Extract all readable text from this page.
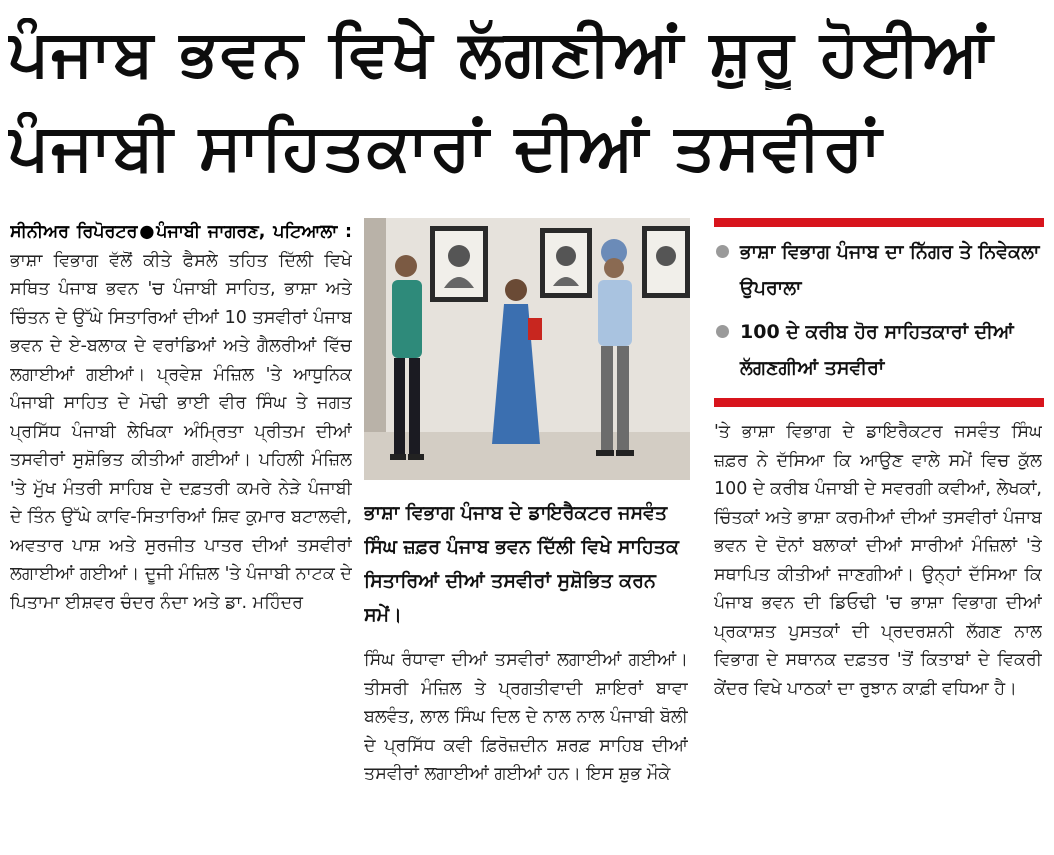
ਪੰਜਾਬ ਭਵਨ ਵਿਖੇ ਲੱਗਣੀਆਂ ਸ਼ੁਰੂ ਹੋਈਆਂ
ਪੰਜਾਬੀ ਸਾਹਿਤਕਾਰਾਂ ਦੀਆਂ ਤਸਵੀਰਾਂ
ਸੀਨੀਅਰ ਰਿਪੋਰਟਰ●ਪੰਜਾਬੀ ਜਾਗਰਣ, ਪਟਿਆਲਾ : ਭਾਸ਼ਾ ਵਿਭਾਗ ਵੱਲੋਂ ਕੀਤੇ ਫੈਸਲੇ ਤਹਿਤ ਦਿੱਲੀ ਵਿਖੇ ਸਥਿਤ ਪੰਜਾਬ ਭਵਨ 'ਚ ਪੰਜਾਬੀ ਸਾਹਿਤ, ਭਾਸ਼ਾ ਅਤੇ ਚਿੰਤਨ ਦੇ ਉੱਘੇ ਸਿਤਾਰਿਆਂ ਦੀਆਂ 10 ਤਸਵੀਰਾਂ ਪੰਜਾਬ ਭਵਨ ਦੇ ਏ-ਬਲਾਕ ਦੇ ਵਰਾਂਡਿਆਂ ਅਤੇ ਗੈਲਰੀਆਂ ਵਿੱਚ ਲਗਾਈਆਂ ਗਈਆਂ। ਪ੍ਰਵੇਸ਼ ਮੰਜ਼ਿਲ 'ਤੇ ਆਧੁਨਿਕ ਪੰਜਾਬੀ ਸਾਹਿਤ ਦੇ ਮੋਢੀ ਭਾਈ ਵੀਰ ਸਿੰਘ ਤੇ ਜਗਤ ਪ੍ਰਸਿੱਧ ਪੰਜਾਬੀ ਲੇਖਿਕਾ ਅੰਮ੍ਰਿਤਾ ਪ੍ਰੀਤਮ ਦੀਆਂ ਤਸਵੀਰਾਂ ਸੁਸ਼ੋਭਿਤ ਕੀਤੀਆਂ ਗਈਆਂ। ਪਹਿਲੀ ਮੰਜ਼ਿਲ 'ਤੇ ਮੁੱਖ ਮੰਤਰੀ ਸਾਹਿਬ ਦੇ ਦਫ਼ਤਰੀ ਕਮਰੇ ਨੇੜੇ ਪੰਜਾਬੀ ਦੇ ਤਿੰਨ ਉੱਘੇ ਕਾਵਿ-ਸਿਤਾਰਿਆਂ ਸ਼ਿਵ ਕੁਮਾਰ ਬਟਾਲਵੀ, ਅਵਤਾਰ ਪਾਸ਼ ਅਤੇ ਸੁਰਜੀਤ ਪਾਤਰ ਦੀਆਂ ਤਸਵੀਰਾਂ ਲਗਾਈਆਂ ਗਈਆਂ। ਦੂਜੀ ਮੰਜ਼ਿਲ 'ਤੇ ਪੰਜਾਬੀ ਨਾਟਕ ਦੇ ਪਿਤਾਮਾ ਈਸ਼ਵਰ ਚੰਦਰ ਨੰਦਾ ਅਤੇ ਡਾ. ਮਹਿੰਦਰ
ਭਾਸ਼ਾ ਵਿਭਾਗ ਪੰਜਾਬ ਦੇ ਡਾਇਰੈਕਟਰ ਜਸਵੰਤ ਸਿੰਘ ਜ਼ਫ਼ਰ ਪੰਜਾਬ ਭਵਨ ਦਿੱਲੀ ਵਿਖੇ ਸਾਹਿਤਕ ਸਿਤਾਰਿਆਂ ਦੀਆਂ ਤਸਵੀਰਾਂ ਸੁਸ਼ੋਭਿਤ ਕਰਨ ਸਮੇਂ।
ਸਿੰਘ ਰੰਧਾਵਾ ਦੀਆਂ ਤਸਵੀਰਾਂ ਲਗਾਈਆਂ ਗਈਆਂ। ਤੀਸਰੀ ਮੰਜ਼ਿਲ ਤੇ ਪ੍ਰਗਤੀਵਾਦੀ ਸ਼ਾਇਰਾਂ ਬਾਵਾ ਬਲਵੰਤ, ਲਾਲ ਸਿੰਘ ਦਿਲ ਦੇ ਨਾਲ ਨਾਲ ਪੰਜਾਬੀ ਬੋਲੀ ਦੇ ਪ੍ਰਸਿੱਧ ਕਵੀ ਫ਼ਿਰੋਜ਼ਦੀਨ ਸ਼ਰਫ਼ ਸਾਹਿਬ ਦੀਆਂ ਤਸਵੀਰਾਂ ਲਗਾਈਆਂ ਗਈਆਂ ਹਨ। ਇਸ ਸ਼ੁਭ ਮੌਕੇ
ਭਾਸ਼ਾ ਵਿਭਾਗ ਪੰਜਾਬ ਦਾ ਨਿੱਗਰ ਤੇ ਨਿਵੇਕਲਾ ਉਪਰਾਲਾ
100 ਦੇ ਕਰੀਬ ਹੋਰ ਸਾਹਿਤਕਾਰਾਂ ਦੀਆਂ ਲੱਗਣਗੀਆਂ ਤਸਵੀਰਾਂ
'ਤੇ ਭਾਸ਼ਾ ਵਿਭਾਗ ਦੇ ਡਾਇਰੈਕਟਰ ਜਸਵੰਤ ਸਿੰਘ ਜ਼ਫ਼ਰ ਨੇ ਦੱਸਿਆ ਕਿ ਆਉਣ ਵਾਲੇ ਸਮੇਂ ਵਿਚ ਕੁੱਲ 100 ਦੇ ਕਰੀਬ ਪੰਜਾਬੀ ਦੇ ਸਵਰਗੀ ਕਵੀਆਂ, ਲੇਖਕਾਂ, ਚਿੰਤਕਾਂ ਅਤੇ ਭਾਸ਼ਾ ਕਰਮੀਆਂ ਦੀਆਂ ਤਸਵੀਰਾਂ ਪੰਜਾਬ ਭਵਨ ਦੇ ਦੋਨਾਂ ਬਲਾਕਾਂ ਦੀਆਂ ਸਾਰੀਆਂ ਮੰਜ਼ਿਲਾਂ 'ਤੇ ਸਥਾਪਿਤ ਕੀਤੀਆਂ ਜਾਣਗੀਆਂ। ਉਨ੍ਹਾਂ ਦੱਸਿਆ ਕਿ ਪੰਜਾਬ ਭਵਨ ਦੀ ਡਿਓਢੀ 'ਚ ਭਾਸ਼ਾ ਵਿਭਾਗ ਦੀਆਂ ਪ੍ਰਕਾਸ਼ਤ ਪੁਸਤਕਾਂ ਦੀ ਪ੍ਰਦਰਸ਼ਨੀ ਲੱਗਣ ਨਾਲ ਵਿਭਾਗ ਦੇ ਸਥਾਨਕ ਦਫ਼ਤਰ 'ਤੋਂ ਕਿਤਾਬਾਂ ਦੇ ਵਿਕਰੀ ਕੇਂਦਰ ਵਿਖੇ ਪਾਠਕਾਂ ਦਾ ਰੁਝਾਨ ਕਾਫ਼ੀ ਵਧਿਆ ਹੈ।
